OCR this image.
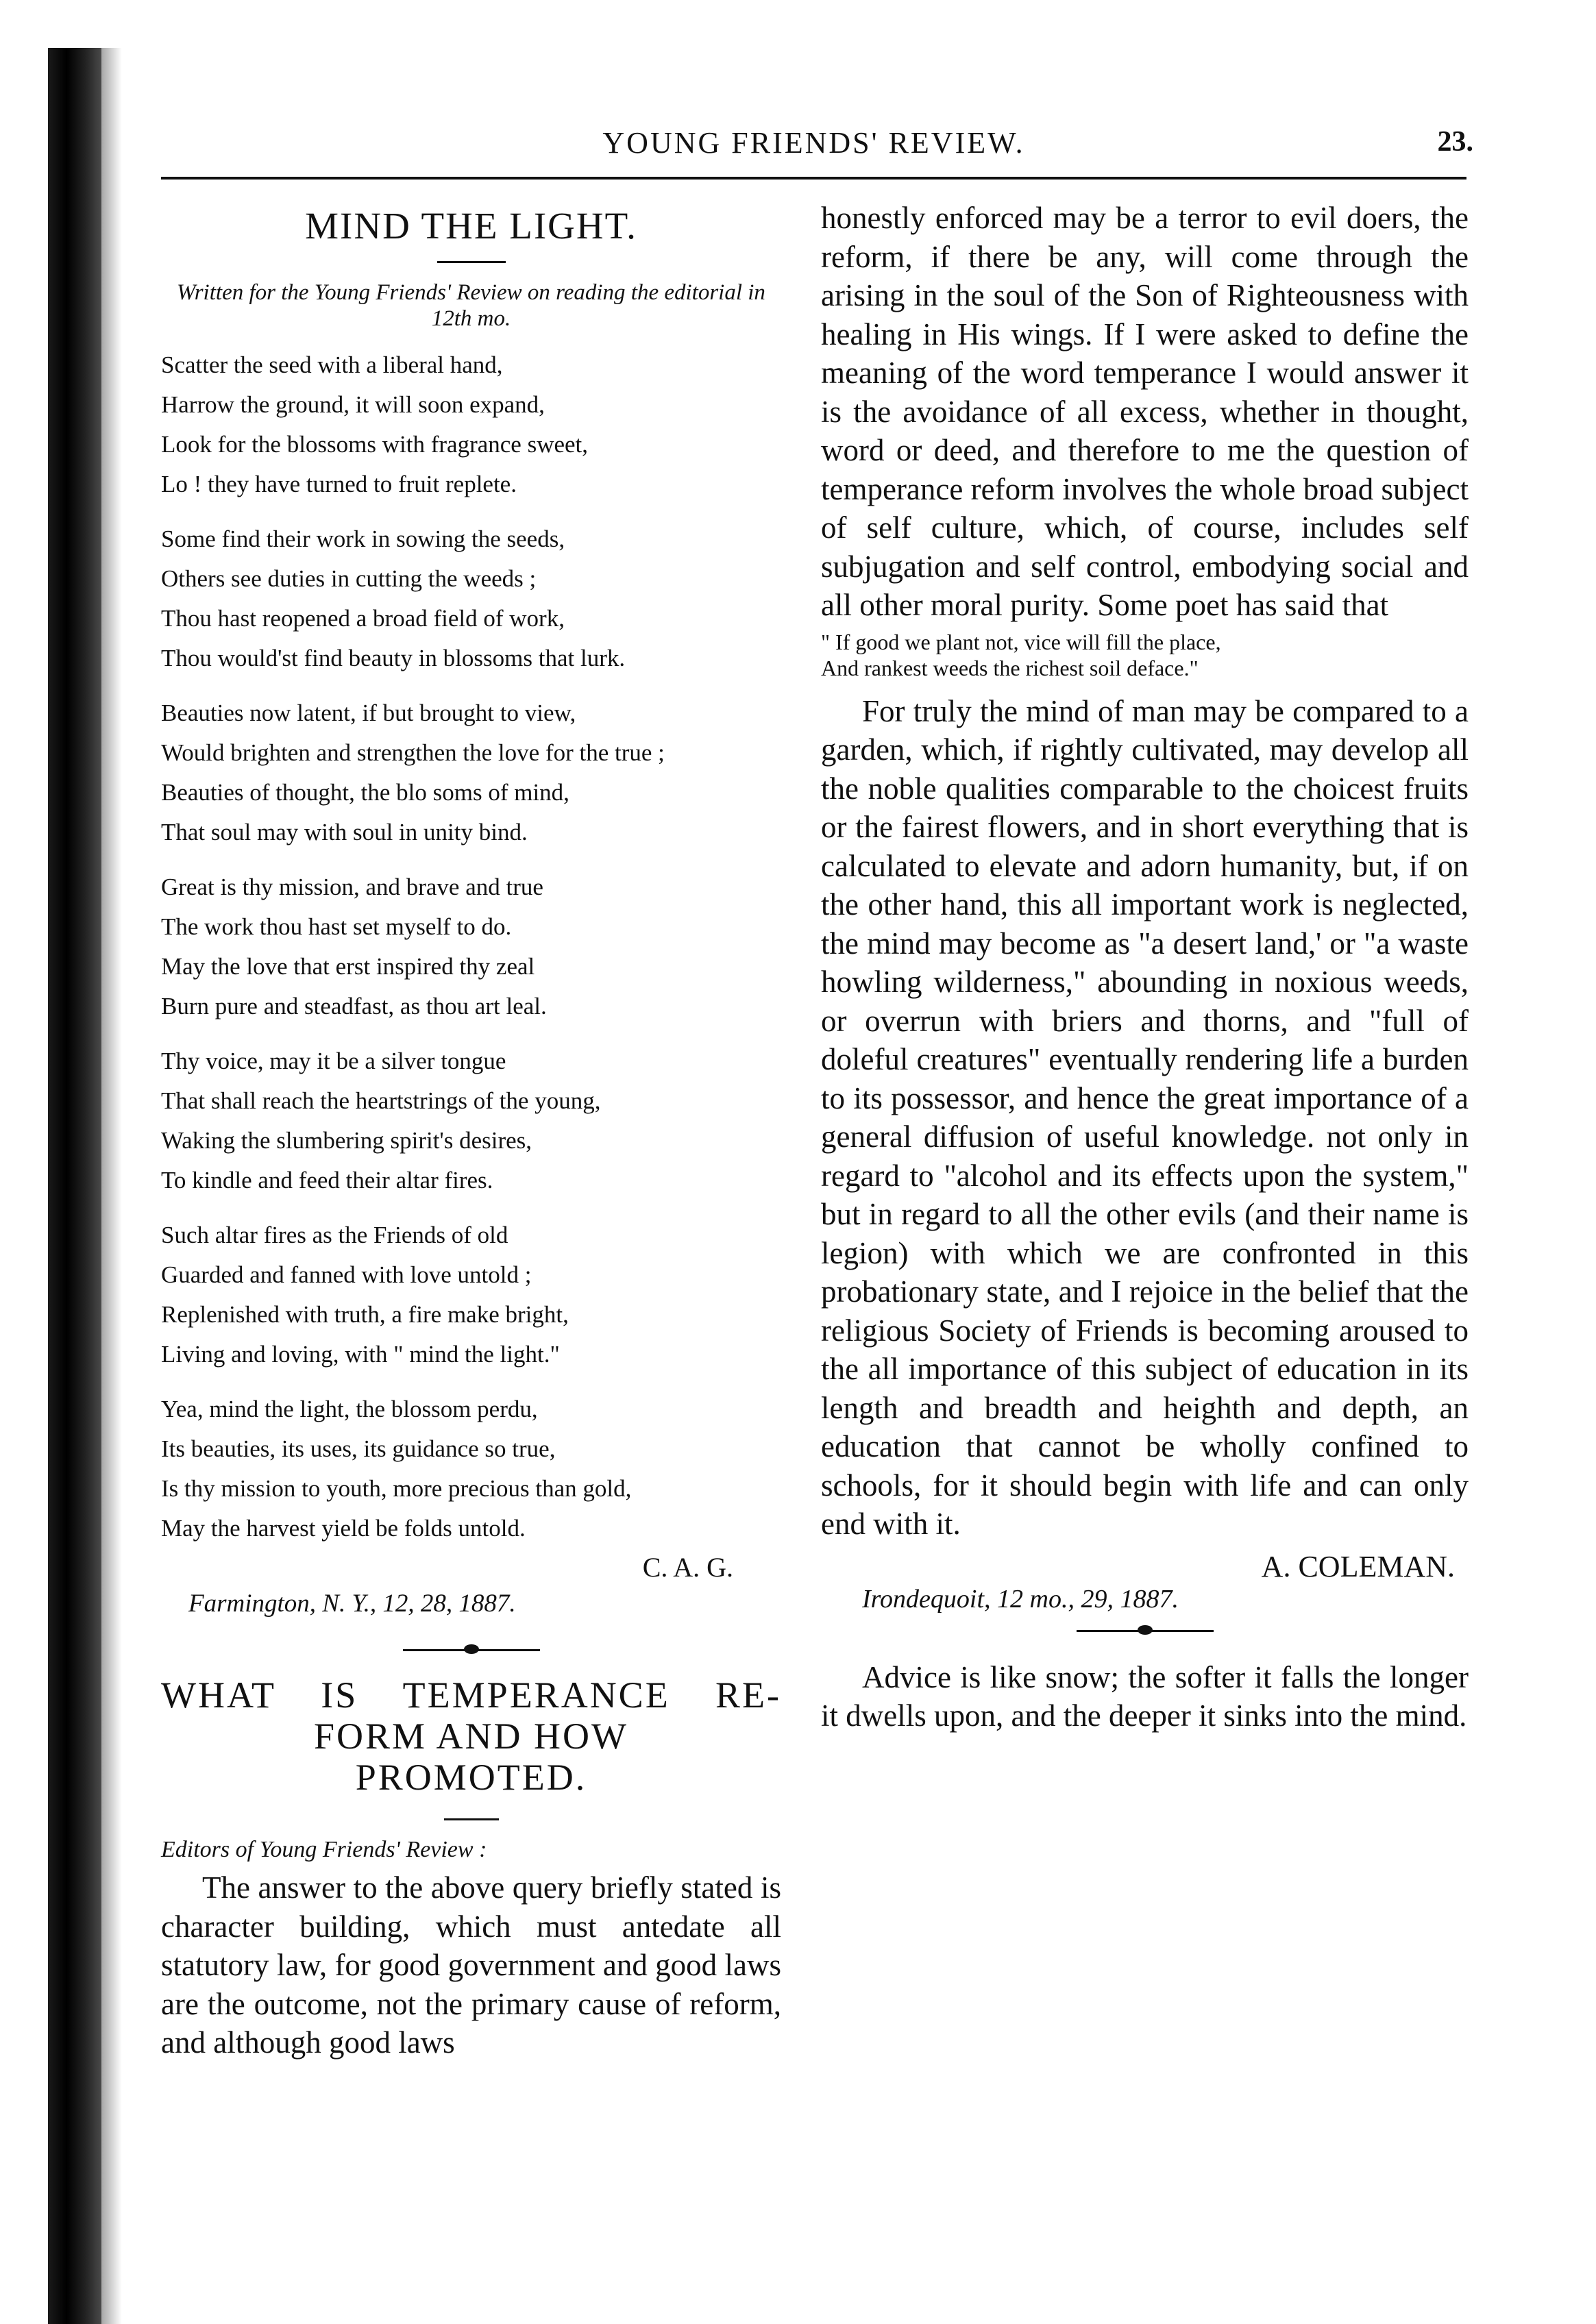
YOUNG FRIENDS' REVIEW.	23.
MIND THE LIGHT.
Written for the Young Friends' Review on reading the editorial in 12th mo.
Scatter the seed with a liberal hand,
Harrow the ground, it will soon expand,
Look for the blossoms with fragrance sweet,
Lo ! they have turned to fruit replete.
Some find their work in sowing the seeds,
Others see duties in cutting the weeds ;
Thou hast reopened a broad field of work,
Thou would'st find beauty in blossoms that lurk.
Beauties now latent, if but brought to view,
Would brighten and strengthen the love for the true ;
Beauties of thought, the blo soms of mind,
That soul may with soul in unity bind.
Great is thy mission, and brave and true
The work thou hast set myself to do.
May the love that erst inspired thy zeal
Burn pure and steadfast, as thou art leal.
Thy voice, may it be a silver tongue
That shall reach the heartstrings of the young,
Waking the slumbering spirit's desires,
To kindle and feed their altar fires.
Such altar fires as the Friends of old
Guarded and fanned with love untold ;
Replenished with truth, a fire make bright,
Living and loving, with " mind the light."
Yea, mind the light, the blossom perdu,
Its beauties, its uses, its guidance so true,
Is thy mission to youth, more precious than gold,
May the harvest yield be folds untold.
C. A. G.
Farmington, N. Y., 12, 28, 1887.
WHAT IS TEMPERANCE RE-
FORM AND HOW
PROMOTED.
Editors of Young Friends' Review :
The answer to the above query briefly stated is character building, which must antedate all statutory law, for good government and good laws are the outcome, not the primary cause of reform, and although good laws
honestly enforced may be a terror to evil doers, the reform, if there be any, will come through the arising in the soul of the Son of Righteousness with healing in His wings. If I were asked to define the meaning of the word temperance I would answer it is the avoidance of all excess, whether in thought, word or deed, and therefore to me the question of temperance reform involves the whole broad subject of self culture, which, of course, includes self subjugation and self control, embodying social and all other moral purity. Some poet has said that
" If good we plant not, vice will fill the place,
And rankest weeds the richest soil deface."
For truly the mind of man may be compared to a garden, which, if rightly cultivated, may develop all the noble qualities comparable to the choicest fruits or the fairest flowers, and in short everything that is calculated to elevate and adorn humanity, but, if on the other hand, this all important work is neglected, the mind may become as "a desert land,' or "a waste howling wilderness," abounding in noxious weeds, or overrun with briers and thorns, and "full of doleful creatures" eventually rendering life a burden to its possessor, and hence the great importance of a general diffusion of useful knowledge. not only in regard to "alcohol and its effects upon the system," but in regard to all the other evils (and their name is legion) with which we are confronted in this probationary state, and I rejoice in the belief that the religious Society of Friends is becoming aroused to the all importance of this subject of education in its length and breadth and heighth and depth, an education that cannot be wholly confined to schools, for it should begin with life and can only end with it.
A. COLEMAN.
Irondequoit, 12 mo., 29, 1887.
Advice is like snow; the softer it falls the longer it dwells upon, and the deeper it sinks into the mind.
